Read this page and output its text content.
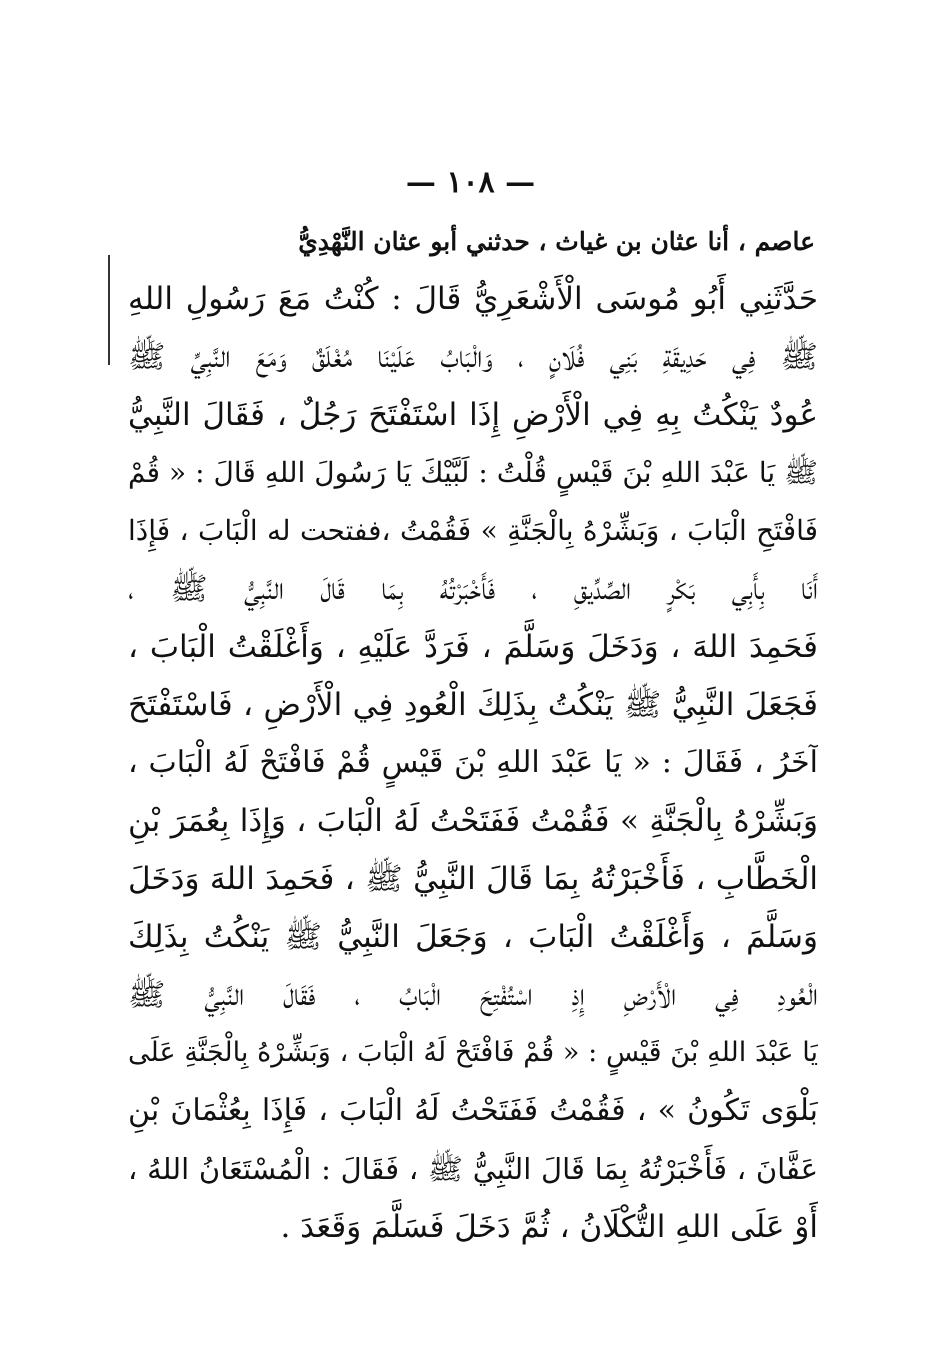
— ١٠٨ —
عاصم ، أنا عثان بن غياث ، حدثني أبو عثان النَّهْدِيُّ
حَدَّثَنِي أَبُو مُوسَى الْأَشْعَرِيُّ قَالَ : كُنْتُ مَعَ رَسُولِ اللهِ
ﷺ فِي حَدِيقَةِ بَنِي فُلَانٍ ، وَالْبَابُ عَلَيْنَا مُغْلَقٌ وَمَعَ النَّبِيِّ ﷺ
عُودٌ يَنْكُتُ بِهِ فِي الْأَرْضِ إِذَا اسْتَفْتَحَ رَجُلٌ ، فَقَالَ النَّبِيُّ
ﷺ يَا عَبْدَ اللهِ بْنَ قَيْسٍ قُلْتُ : لَبَّيْكَ يَا رَسُولَ اللهِ قَالَ : « قُمْ
فَافْتَحِ الْبَابَ ، وَبَشِّرْهُ بِالْجَنَّةِ » فَقُمْتُ ،ففتحت له الْبَابَ ، فَإِذَا
أَنَا بِأَبِي بَكْرٍ الصِّدِّيقِ ، فَأَخْبَرْتُهُ بِمَا قَالَ النَّبِيُّ ﷺ ،
فَحَمِدَ اللهَ ، وَدَخَلَ وَسَلَّمَ ، فَرَدَّ عَلَيْهِ ، وَأَغْلَقْتُ الْبَابَ ،
فَجَعَلَ النَّبِيُّ ﷺ يَنْكُتُ بِذَلِكَ الْعُودِ فِي الْأَرْضِ ، فَاسْتَفْتَحَ
آخَرُ ، فَقَالَ : « يَا عَبْدَ اللهِ بْنَ قَيْسٍ قُمْ فَافْتَحْ لَهُ الْبَابَ ،
وَبَشِّرْهُ بِالْجَنَّةِ » فَقُمْتُ فَفَتَحْتُ لَهُ الْبَابَ ، وَإِذَا بِعُمَرَ بْنِ
الْخَطَّابِ ، فَأَخْبَرْتُهُ بِمَا قَالَ النَّبِيُّ ﷺ ، فَحَمِدَ اللهَ وَدَخَلَ
وَسَلَّمَ ، وَأَغْلَقْتُ الْبَابَ ، وَجَعَلَ النَّبِيُّ ﷺ يَنْكُتُ بِذَلِكَ
الْعُودِ فِي الْأَرْضِ إِذِ اسْتُفْتِحَ الْبَابُ ، فَقَالَ النَّبِيُّ ﷺ
يَا عَبْدَ اللهِ بْنَ قَيْسٍ : « قُمْ فَافْتَحْ لَهُ الْبَابَ ، وَبَشِّرْهُ بِالْجَنَّةِ عَلَى
بَلْوَى تَكُونُ » ، فَقُمْتُ فَفَتَحْتُ لَهُ الْبَابَ ، فَإِذَا بِعُثْمَانَ بْنِ
عَفَّانَ ، فَأَخْبَرْتُهُ بِمَا قَالَ النَّبِيُّ ﷺ ، فَقَالَ : الْمُسْتَعَانُ اللهُ ،
أَوْ عَلَى اللهِ التُّكْلَانُ ، ثُمَّ دَخَلَ فَسَلَّمَ وَقَعَدَ .
